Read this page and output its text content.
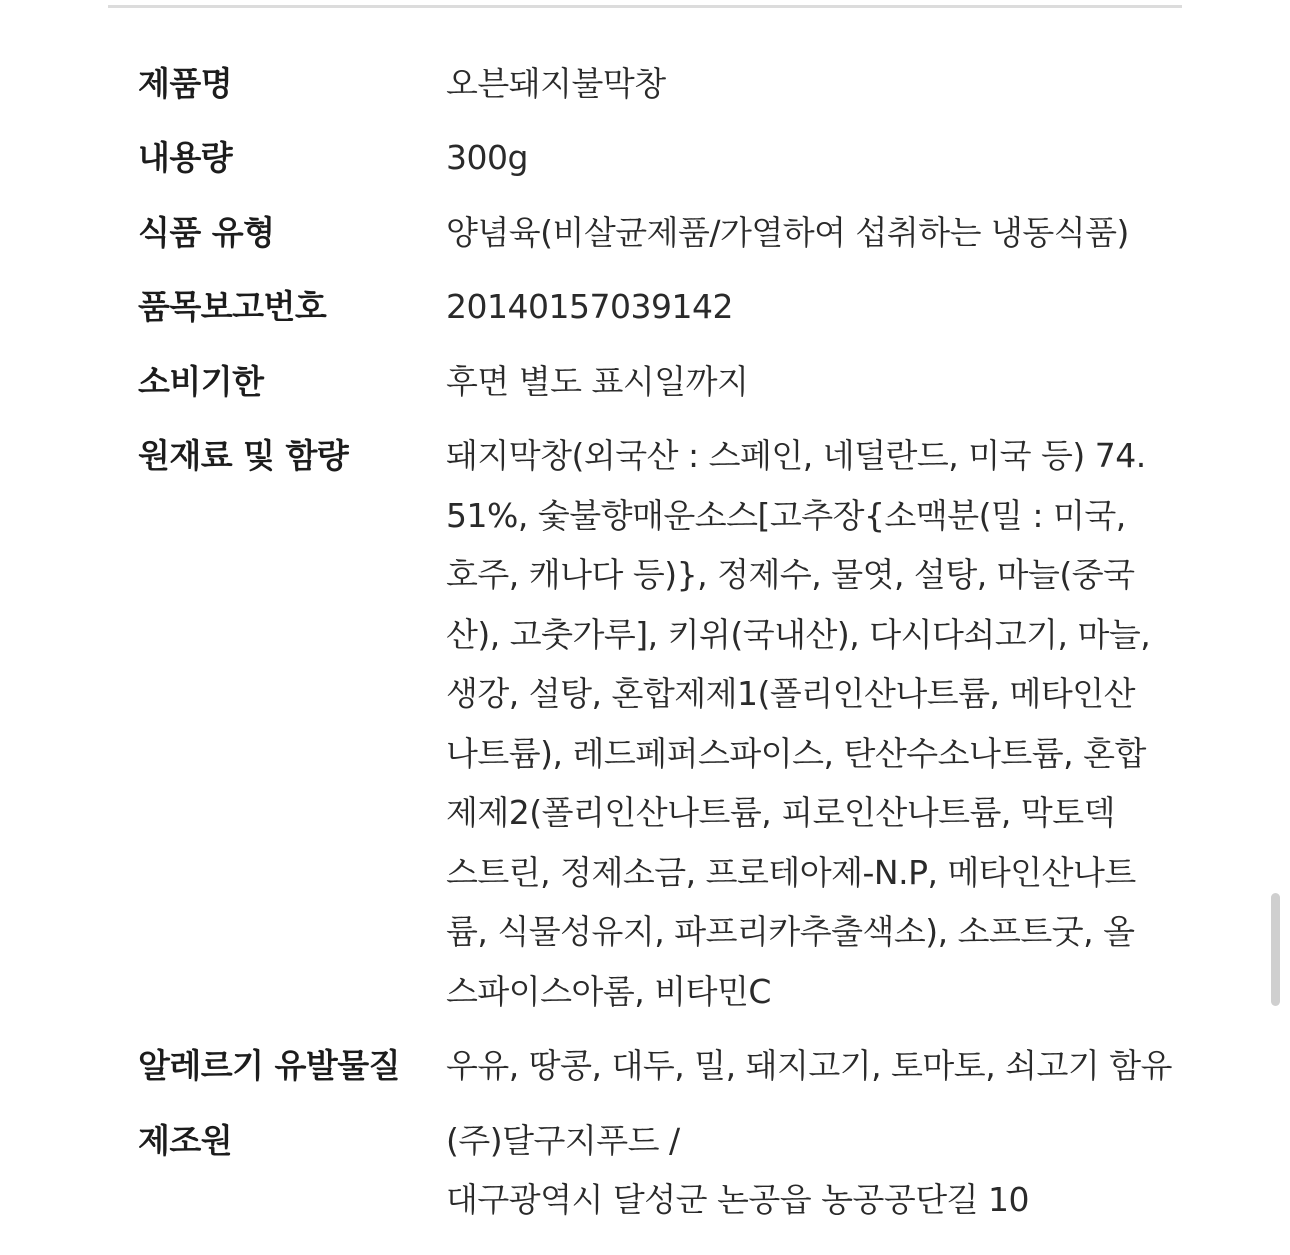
제품명	오븐돼지불막창
내용량	300g
식품 유형	양념육(비살균제품/가열하여 섭취하는 냉동식품)
품목보고번호	20140157039142
소비기한	후면 별도 표시일까지
원재료 및 함량	돼지막창(외국산 : 스페인, 네덜란드, 미국 등) 74.
51%, 숯불향매운소스[고추장{소맥분(밀 : 미국,
호주, 캐나다 등)}, 정제수, 물엿, 설탕, 마늘(중국
산), 고춧가루], 키위(국내산), 다시다쇠고기, 마늘,
생강, 설탕, 혼합제제1(폴리인산나트륨, 메타인산
나트륨), 레드페퍼스파이스, 탄산수소나트륨, 혼합
제제2(폴리인산나트륨, 피로인산나트륨, 막토덱
스트린, 정제소금, 프로테아제-N.P, 메타인산나트
륨, 식물성유지, 파프리카추출색소), 소프트굿, 올
스파이스아롬, 비타민C
알레르기 유발물질	우유, 땅콩, 대두, 밀, 돼지고기, 토마토, 쇠고기 함유
제조원	(주)달구지푸드 /
대구광역시 달성군 논공읍 농공공단길 10
